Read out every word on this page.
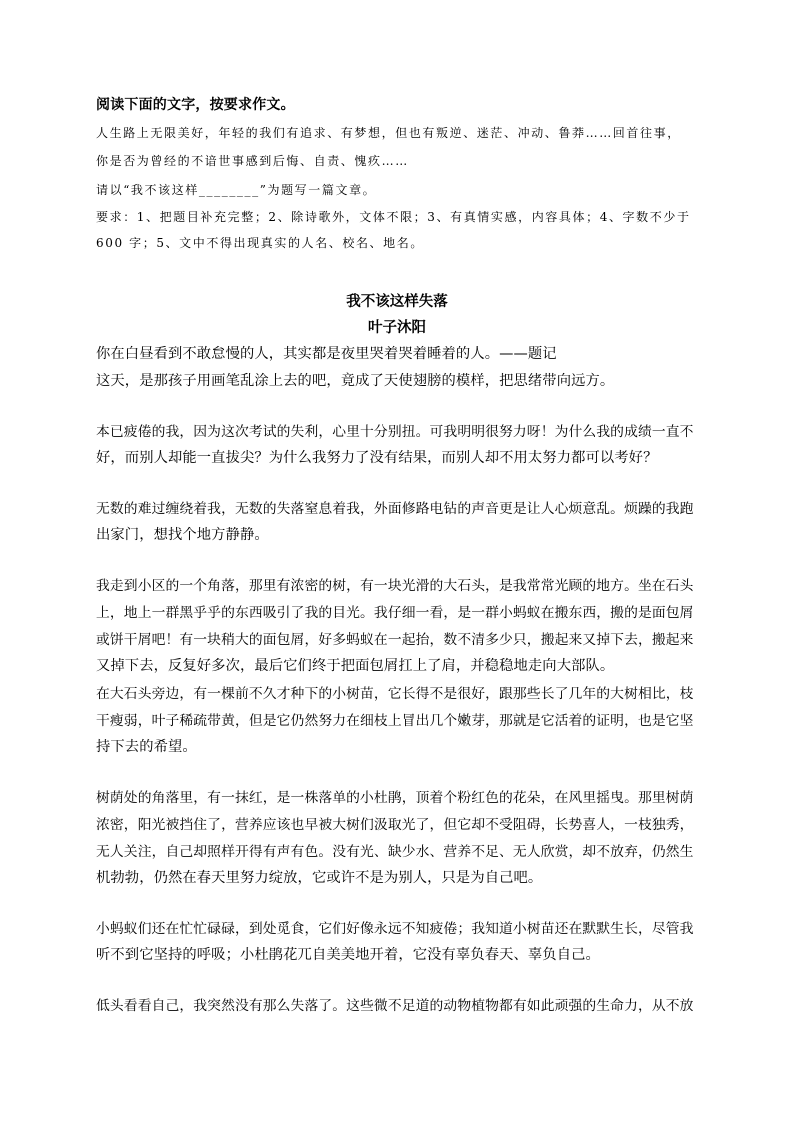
阅读下面的文字，按要求作文。
人生路上无限美好，年轻的我们有追求、有梦想，但也有叛逆、迷茫、冲动、鲁莽……回首往事，
你是否为曾经的不谙世事感到后悔、自责、愧疚……
请以“我不该这样________”为题写一篇文章。
要求：1、把题目补充完整；2、除诗歌外，文体不限；3、有真情实感，内容具体；4、字数不少于
600 字；5、文中不得出现真实的人名、校名、地名。
我不该这样失落
叶子沐阳
你在白昼看到不敢怠慢的人，其实都是夜里哭着哭着睡着的人。——题记
这天，是那孩子用画笔乱涂上去的吧，竟成了天使翅膀的模样，把思绪带向远方。
本已疲倦的我，因为这次考试的失利，心里十分别扭。可我明明很努力呀！为什么我的成绩一直不
好，而别人却能一直拔尖？为什么我努力了没有结果，而别人却不用太努力都可以考好？
无数的难过缠绕着我，无数的失落窒息着我，外面修路电钻的声音更是让人心烦意乱。烦躁的我跑
出家门，想找个地方静静。
我走到小区的一个角落，那里有浓密的树，有一块光滑的大石头，是我常常光顾的地方。坐在石头
上，地上一群黑乎乎的东西吸引了我的目光。我仔细一看，是一群小蚂蚁在搬东西，搬的是面包屑
或饼干屑吧！有一块稍大的面包屑，好多蚂蚁在一起抬，数不清多少只，搬起来又掉下去，搬起来
又掉下去，反复好多次，最后它们终于把面包屑扛上了肩，并稳稳地走向大部队。
在大石头旁边，有一棵前不久才种下的小树苗，它长得不是很好，跟那些长了几年的大树相比，枝
干瘦弱，叶子稀疏带黄，但是它仍然努力在细枝上冒出几个嫩芽，那就是它活着的证明，也是它坚
持下去的希望。
树荫处的角落里，有一抹红，是一株落单的小杜鹃，顶着个粉红色的花朵，在风里摇曳。那里树荫
浓密，阳光被挡住了，营养应该也早被大树们汲取光了，但它却不受阻碍，长势喜人，一枝独秀，
无人关注，自己却照样开得有声有色。没有光、缺少水、营养不足、无人欣赏，却不放弃，仍然生
机勃勃，仍然在春天里努力绽放，它或许不是为别人，只是为自己吧。
小蚂蚁们还在忙忙碌碌，到处觅食，它们好像永远不知疲倦；我知道小树苗还在默默生长，尽管我
听不到它坚持的呼吸；小杜鹃花兀自美美地开着，它没有辜负春天、辜负自己。
低头看看自己，我突然没有那么失落了。这些微不足道的动物植物都有如此顽强的生命力，从不放
